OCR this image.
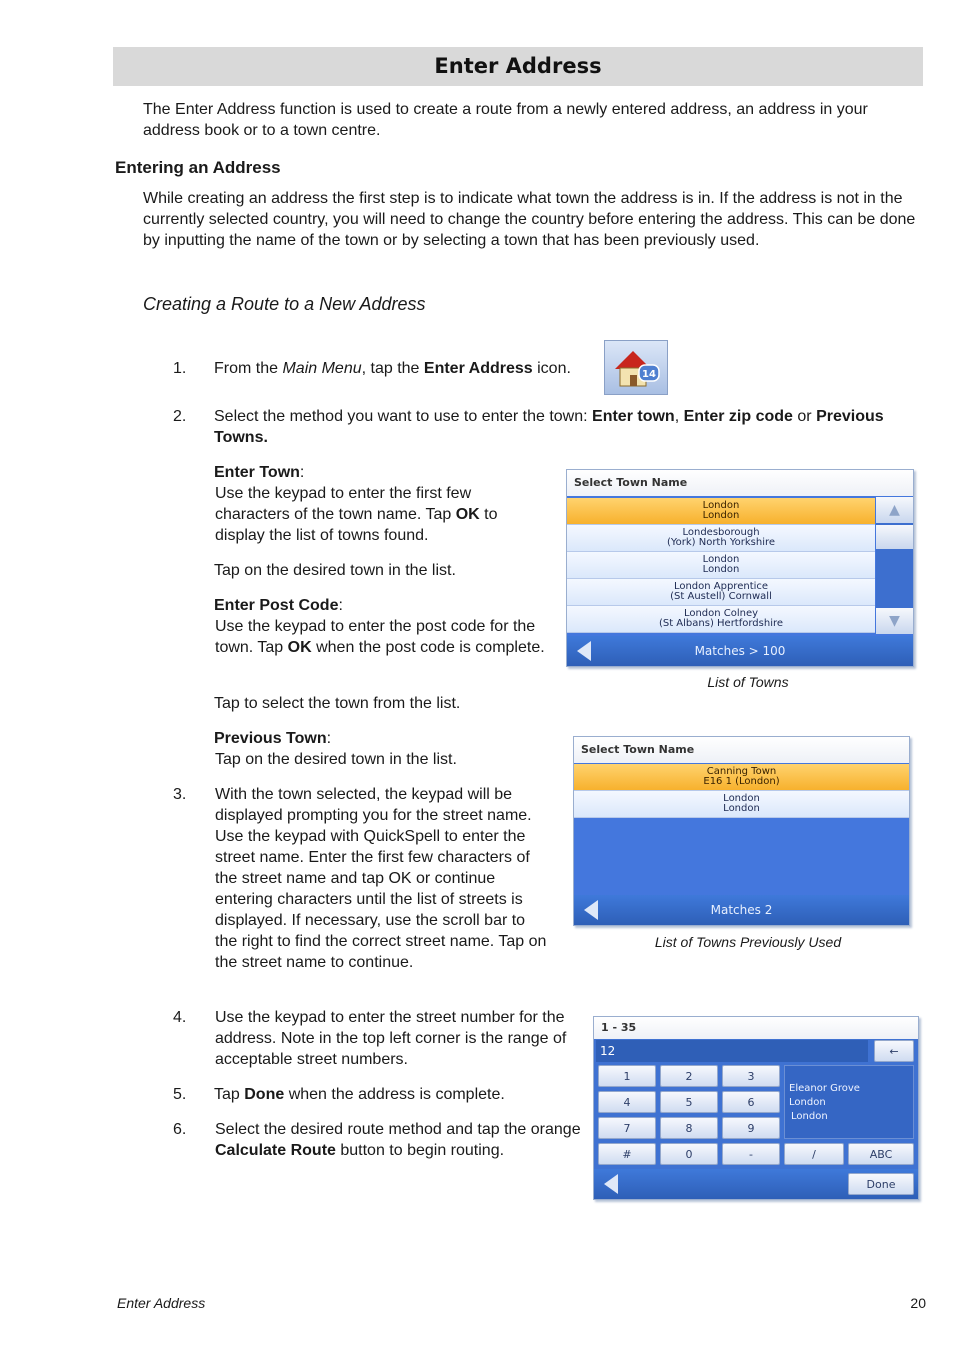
Enter Address
The Enter Address function is used to create a route from a newly entered address, an address in your address book or to a town centre.
Entering an Address
While creating an address the first step is to indicate what town the address is in. If the address is not in the currently selected country, you will need to change the country before entering the address. This can be done by inputting the name of the town or by selecting a town that has been previously used.
Creating a Route to a New Address
1. From the Main Menu, tap the Enter Address icon.	14
2. Select the method you want to use to enter the town: Enter town, Enter zip code or Previous Towns.
Enter Town:
Use the keypad to enter the first few characters of the town name. Tap OK to display the list of towns found.
Tap on the desired town in the list.
Enter Post Code:
Use the keypad to enter the post code for the town. Tap OK when the post code is complete.
Tap to select the town from the list.
Previous Town:
Tap on the desired town in the list.
3. With the town selected, the keypad will be displayed prompting you for the street name. Use the keypad with QuickSpell to enter the street name. Enter the first few characters of the street name and tap OK or continue entering characters until the list of streets is displayed. If necessary, use the scroll bar to the right to find the correct street name. Tap on the street name to continue.
4. Use the keypad to enter the street number for the address. Note in the top left corner is the range of acceptable street numbers.
5. Tap Done when the address is complete.
6. Select the desired route method and tap the orange Calculate Route button to begin routing.
Select Town Name
London
London
Londesborough
(York) North Yorkshire
London
London
London Apprentice
(St Austell) Cornwall
London Colney
(St Albans) Hertfordshire
▲
▼
Matches > 100
List of Towns
Select Town Name
Canning Town
E16 1 (London)
London
London
Matches 2
List of Towns Previously Used
1 - 35
12	←
1	2	3
4	5	6
7	8	9
Eleanor Grove
London
London
#	0	-	/	ABC
Done
Enter Address	20
